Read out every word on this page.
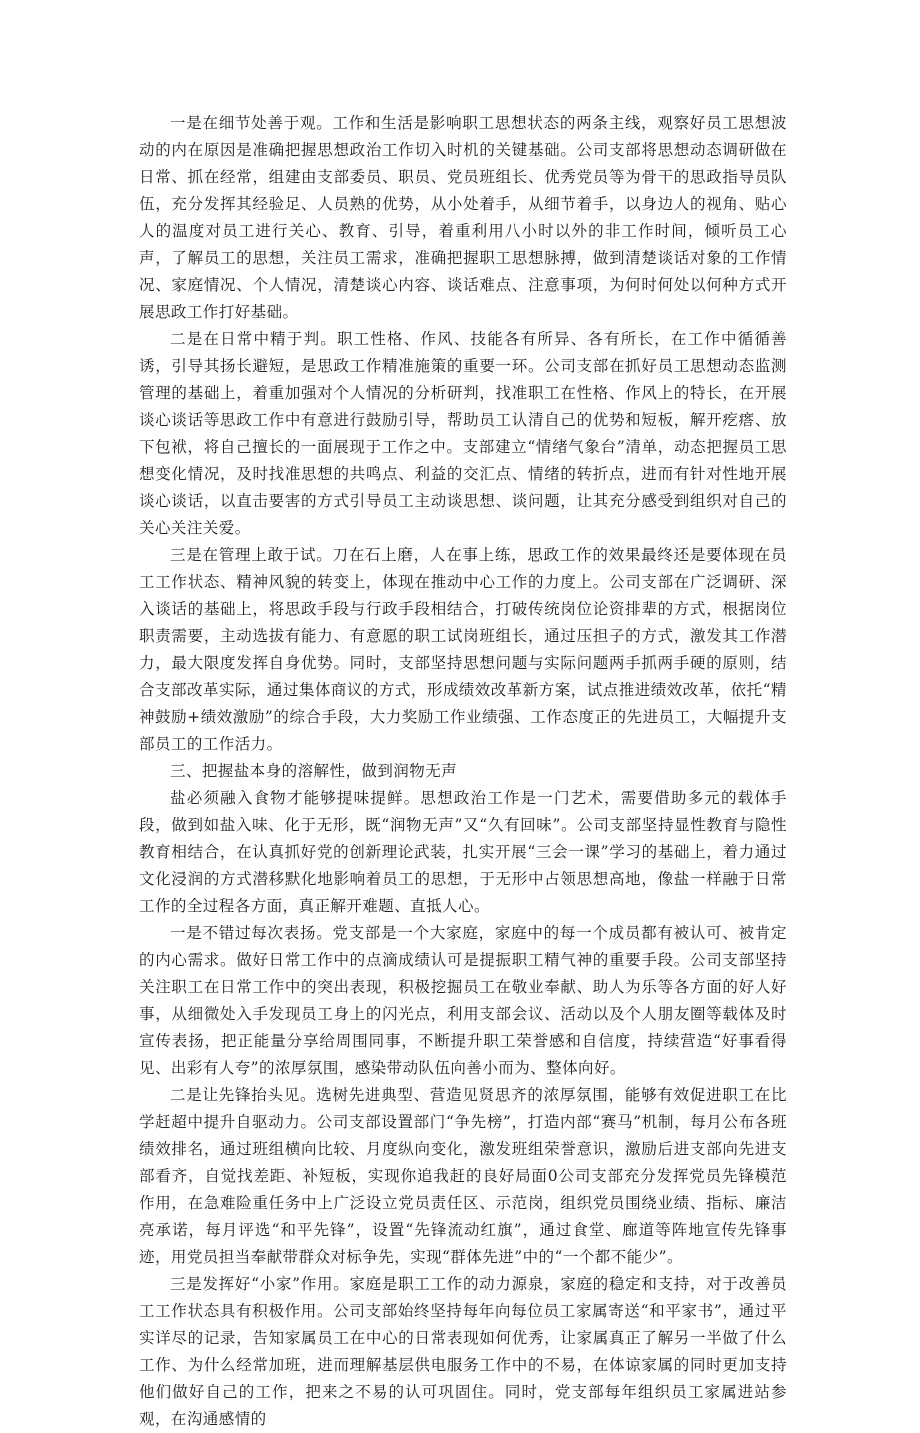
一是在细节处善于观。工作和生活是影响职工思想状态的两条主线，观察好员工思想波动的内在原因是准确把握思想政治工作切入时机的关键基础。公司支部将思想动态调研做在日常、抓在经常，组建由支部委员、职员、党员班组长、优秀党员等为骨干的思政指导员队伍，充分发挥其经验足、人员熟的优势，从小处着手，从细节着手，以身边人的视角、贴心人的温度对员工进行关心、教育、引导，着重利用八小时以外的非工作时间，倾听员工心声，了解员工的思想，关注员工需求，准确把握职工思想脉搏，做到清楚谈话对象的工作情况、家庭情况、个人情况，清楚谈心内容、谈话难点、注意事项，为何时何处以何种方式开展思政工作打好基础。

二是在日常中精于判。职工性格、作风、技能各有所异、各有所长，在工作中循循善诱，引导其扬长避短，是思政工作精准施策的重要一环。公司支部在抓好员工思想动态监测管理的基础上，着重加强对个人情况的分析研判，找准职工在性格、作风上的特长，在开展谈心谈话等思政工作中有意进行鼓励引导，帮助员工认清自己的优势和短板，解开疙瘩、放下包袱，将自己擅长的一面展现于工作之中。支部建立“情绪气象台”清单，动态把握员工思想变化情况，及时找准思想的共鸣点、利益的交汇点、情绪的转折点，进而有针对性地开展谈心谈话，以直击要害的方式引导员工主动谈思想、谈问题，让其充分感受到组织对自己的关心关注关爱。

三是在管理上敢于试。刀在石上磨，人在事上练，思政工作的效果最终还是要体现在员工工作状态、精神风貌的转变上，体现在推动中心工作的力度上。公司支部在广泛调研、深入谈话的基础上，将思政手段与行政手段相结合，打破传统岗位论资排辈的方式，根据岗位职责需要，主动选拔有能力、有意愿的职工试岗班组长，通过压担子的方式，激发其工作潜力，最大限度发挥自身优势。同时，支部坚持思想问题与实际问题两手抓两手硬的原则，结合支部改革实际，通过集体商议的方式，形成绩效改革新方案，试点推进绩效改革，依托“精神鼓励+绩效激励”的综合手段，大力奖励工作业绩强、工作态度正的先进员工，大幅提升支部员工的工作活力。

三、把握盐本身的溶解性，做到润物无声

盐必须融入食物才能够提味提鲜。思想政治工作是一门艺术，需要借助多元的载体手段，做到如盐入味、化于无形，既“润物无声”又“久有回味”。公司支部坚持显性教育与隐性教育相结合，在认真抓好党的创新理论武装，扎实开展“三会一课”学习的基础上，着力通过文化浸润的方式潜移默化地影响着员工的思想，于无形中占领思想高地，像盐一样融于日常工作的全过程各方面，真正解开难题、直抵人心。

一是不错过每次表扬。党支部是一个大家庭，家庭中的每一个成员都有被认可、被肯定的内心需求。做好日常工作中的点滴成绩认可是提振职工精气神的重要手段。公司支部坚持关注职工在日常工作中的突出表现，积极挖掘员工在敬业奉献、助人为乐等各方面的好人好事，从细微处入手发现员工身上的闪光点，利用支部会议、活动以及个人朋友圈等载体及时宣传表扬，把正能量分享给周围同事，不断提升职工荣誉感和自信度，持续营造“好事看得见、出彩有人夸”的浓厚氛围，感染带动队伍向善小而为、整体向好。

二是让先锋抬头见。选树先进典型、营造见贤思齐的浓厚氛围，能够有效促进职工在比学赶超中提升自驱动力。公司支部设置部门“争先榜”，打造内部“赛马”机制，每月公布各班绩效排名，通过班组横向比较、月度纵向变化，激发班组荣誉意识，激励后进支部向先进支部看齐，自觉找差距、补短板，实现你追我赶的良好局面0公司支部充分发挥党员先锋模范作用，在急难险重任务中上广泛设立党员责任区、示范岗，组织党员围绕业绩、指标、廉洁亮承诺，每月评选“和平先锋”，设置“先锋流动红旗”，通过食堂、廊道等阵地宣传先锋事迹，用党员担当奉献带群众对标争先，实现“群体先进”中的“一个都不能少”。

三是发挥好“小家”作用。家庭是职工工作的动力源泉，家庭的稳定和支持，对于改善员工工作状态具有积极作用。公司支部始终坚持每年向每位员工家属寄送“和平家书”，通过平实详尽的记录，告知家属员工在中心的日常表现如何优秀，让家属真正了解另一半做了什么工作、为什么经常加班，进而理解基层供电服务工作中的不易，在体谅家属的同时更加支持他们做好自己的工作，把来之不易的认可巩固住。同时，党支部每年组织员工家属进站参观，在沟通感情的
